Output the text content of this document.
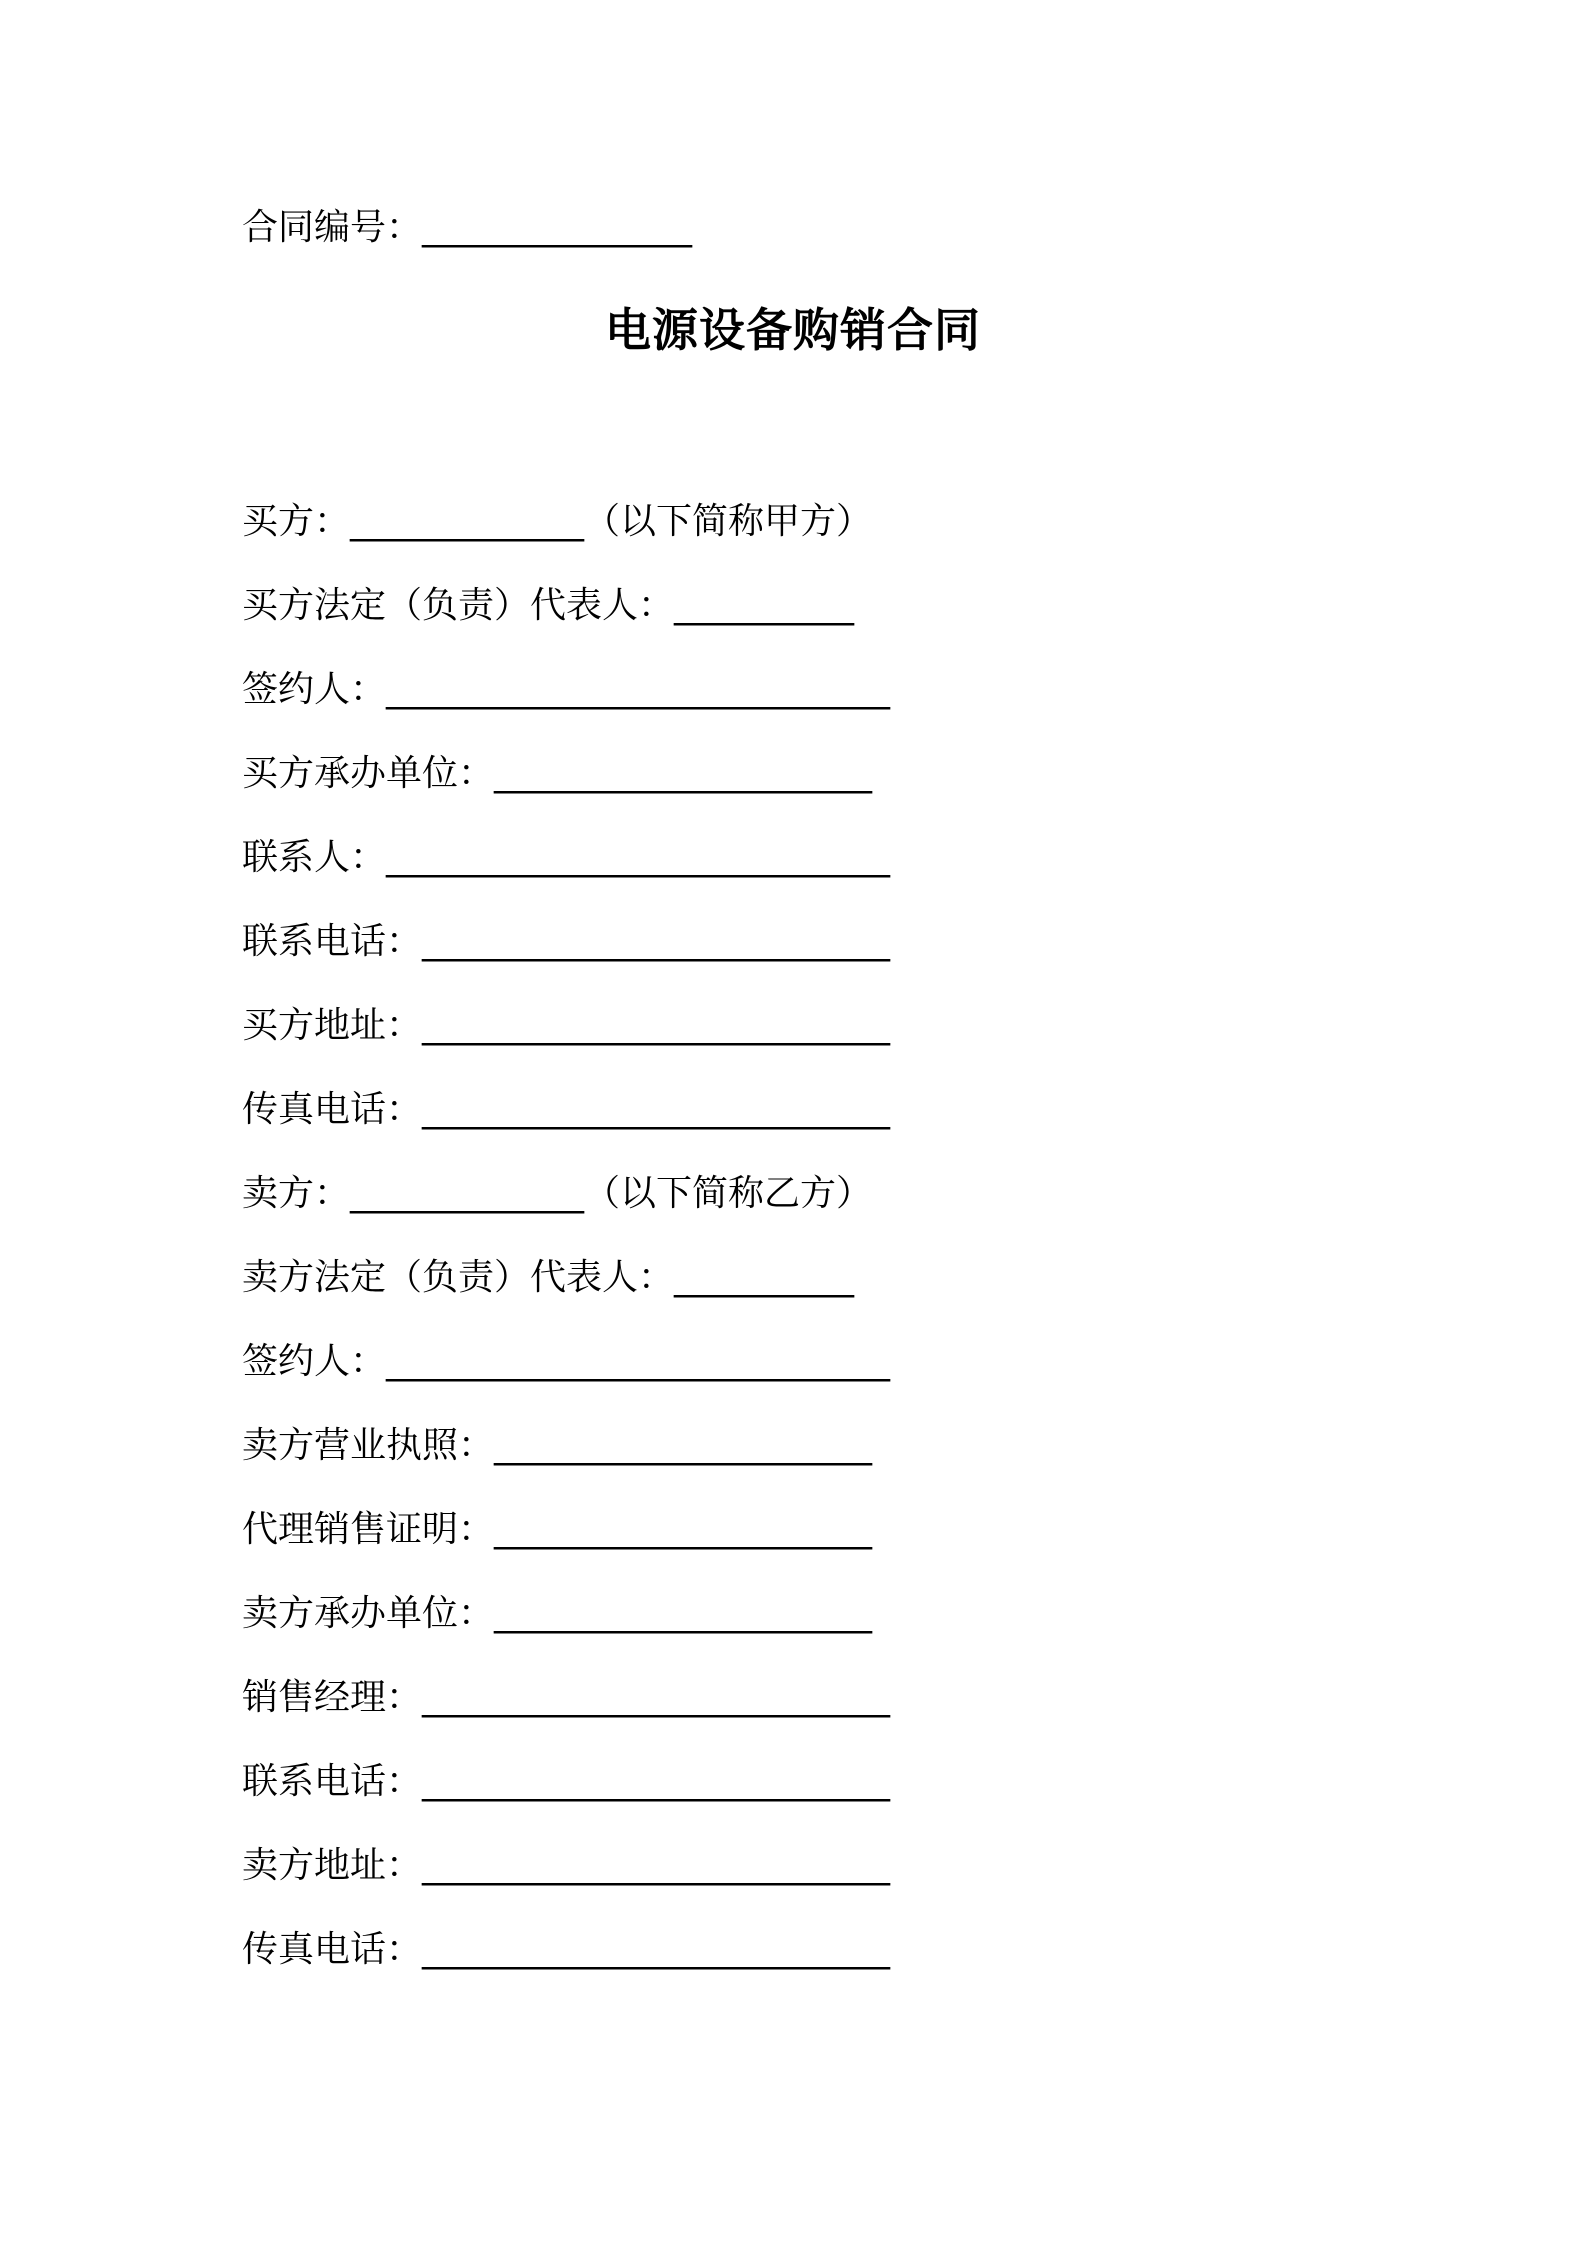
合同编号：_______________
电源设备购销合同
买方：_____________（以下简称甲方）
买方法定（负责）代表人：__________
签约人：____________________________
买方承办单位：_____________________
联系人：____________________________
联系电话：__________________________
买方地址：__________________________
传真电话：__________________________
卖方：_____________（以下简称乙方）
卖方法定（负责）代表人：__________
签约人：____________________________
卖方营业执照：_____________________
代理销售证明：_____________________
卖方承办单位：_____________________
销售经理：__________________________
联系电话：__________________________
卖方地址：__________________________
传真电话：__________________________
